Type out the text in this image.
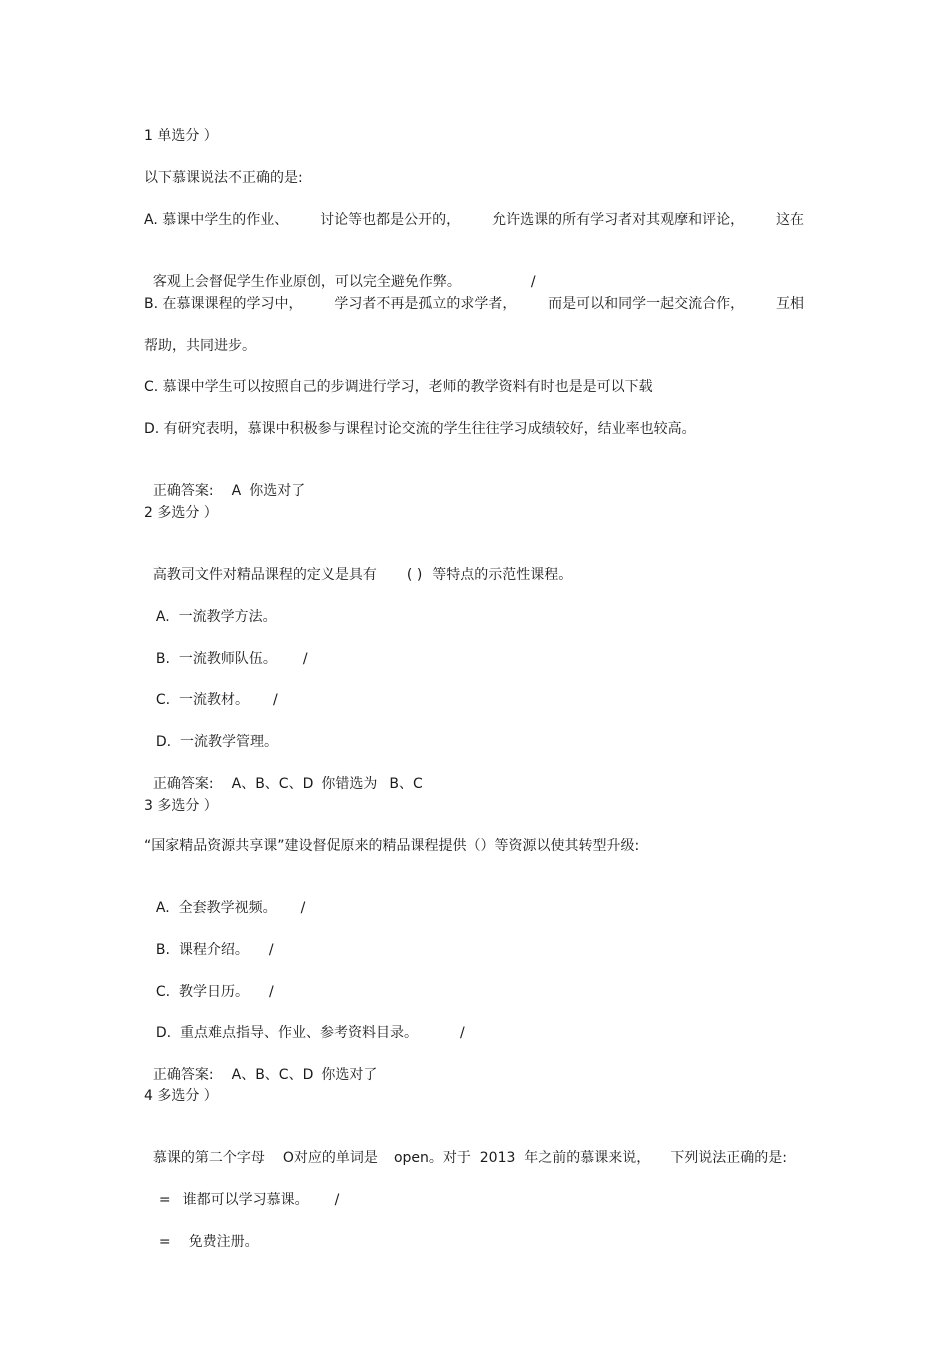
1 单选分 ）
以下慕课说法不正确的是:
A. 慕课中学生的作业、 讨论等也都是公开的， 允许选课的所有学习者对其观摩和评论， 这在

客观上会督促学生作业原创，可以完全避免作弊。	/

B. 在慕课课程的学习中， 学习者不再是孤立的求学者， 而是可以和同学一起交流合作， 互相
帮助，共同进步。
C. 慕课中学生可以按照自己的步调进行学习，老师的教学资料有时也是是可以下载
D. 有研究表明，慕课中积极参与课程讨论交流的学生往往学习成绩较好，结业率也较高。

正确答案: A 你选对了

2 多选分 ）

高教司文件对精品课程的定义是具有 ( ) 等特点的示范性课程。

A.  一流教学方法。

B.  一流教师队伍。 /

C.  一流教材。 /

D.  一流教学管理。

正确答案: A、B、C、D 你错选为 B、C

3 多选分 ）
“国家精品资源共享课”建设督促原来的精品课程提供（）等资源以使其转型升级:

A.  全套教学视频。 /

B.  课程介绍。 /

C.  教学日历。 /

D.  重点难点指导、作业、参考资料目录。	/

正确答案: A、B、C、D 你选对了

4 多选分 ）

慕课的第二个字母 O对应的单词是 open。对于  2013  年之前的慕课来说， 下列说法正确的是:

= 谁都可以学习慕课。 /

= 免费注册。
